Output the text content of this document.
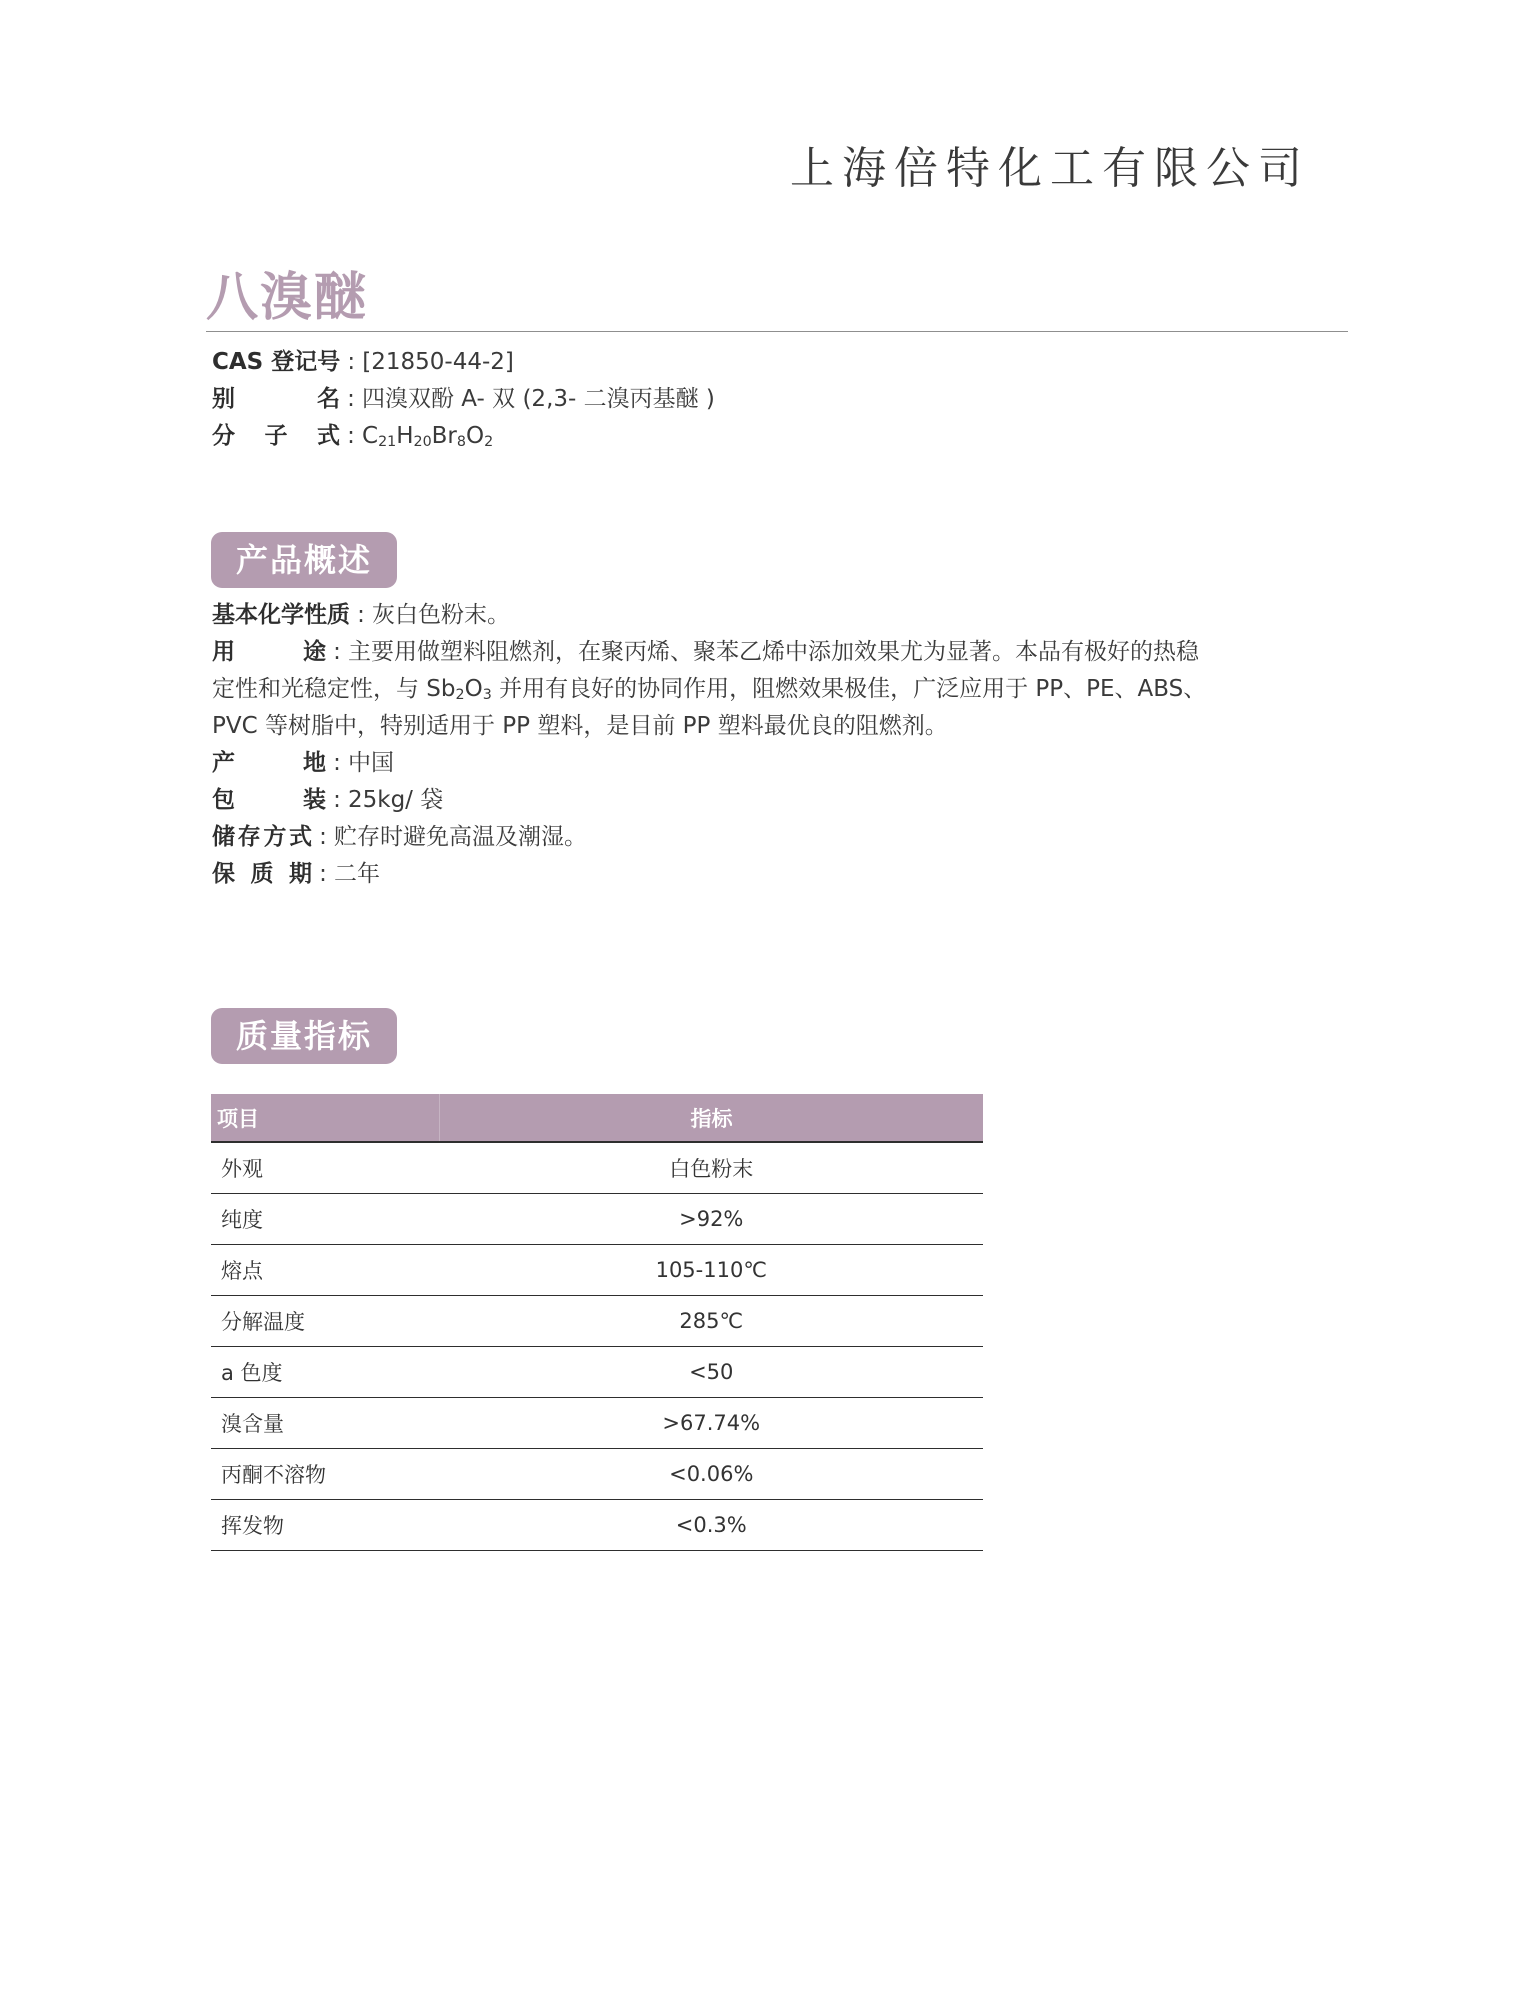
上海倍特化工有限公司
八溴醚
CAS 登记号 : [21850-44-2]
别名 : 四溴双酚 A- 双 (2,3- 二溴丙基醚 )
分子式 : $C_{21}H_{20}Br_8O_2$
产品概述
基本化学性质 : 灰白色粉末。
用途 : 主要用做塑料阻燃剂，在聚丙烯、聚苯乙烯中添加效果尤为显著。本品有极好的热稳
定性和光稳定性，与 $Sb_2O_3$ 并用有良好的协同作用，阻燃效果极佳，广泛应用于 PP、PE、ABS、
PVC 等树脂中，特别适用于 PP 塑料，是目前 PP 塑料最优良的阻燃剂。
产地 : 中国
包装 : 25kg/ 袋
储存方式 : 贮存时避免高温及潮湿。
保质期 : 二年
质量指标
项目	指标
外观	白色粉末
纯度	>92%
熔点	105-110℃
分解温度	285℃
a 色度	<50
溴含量	>67.74%
丙酮不溶物	<0.06%
挥发物	<0.3%
